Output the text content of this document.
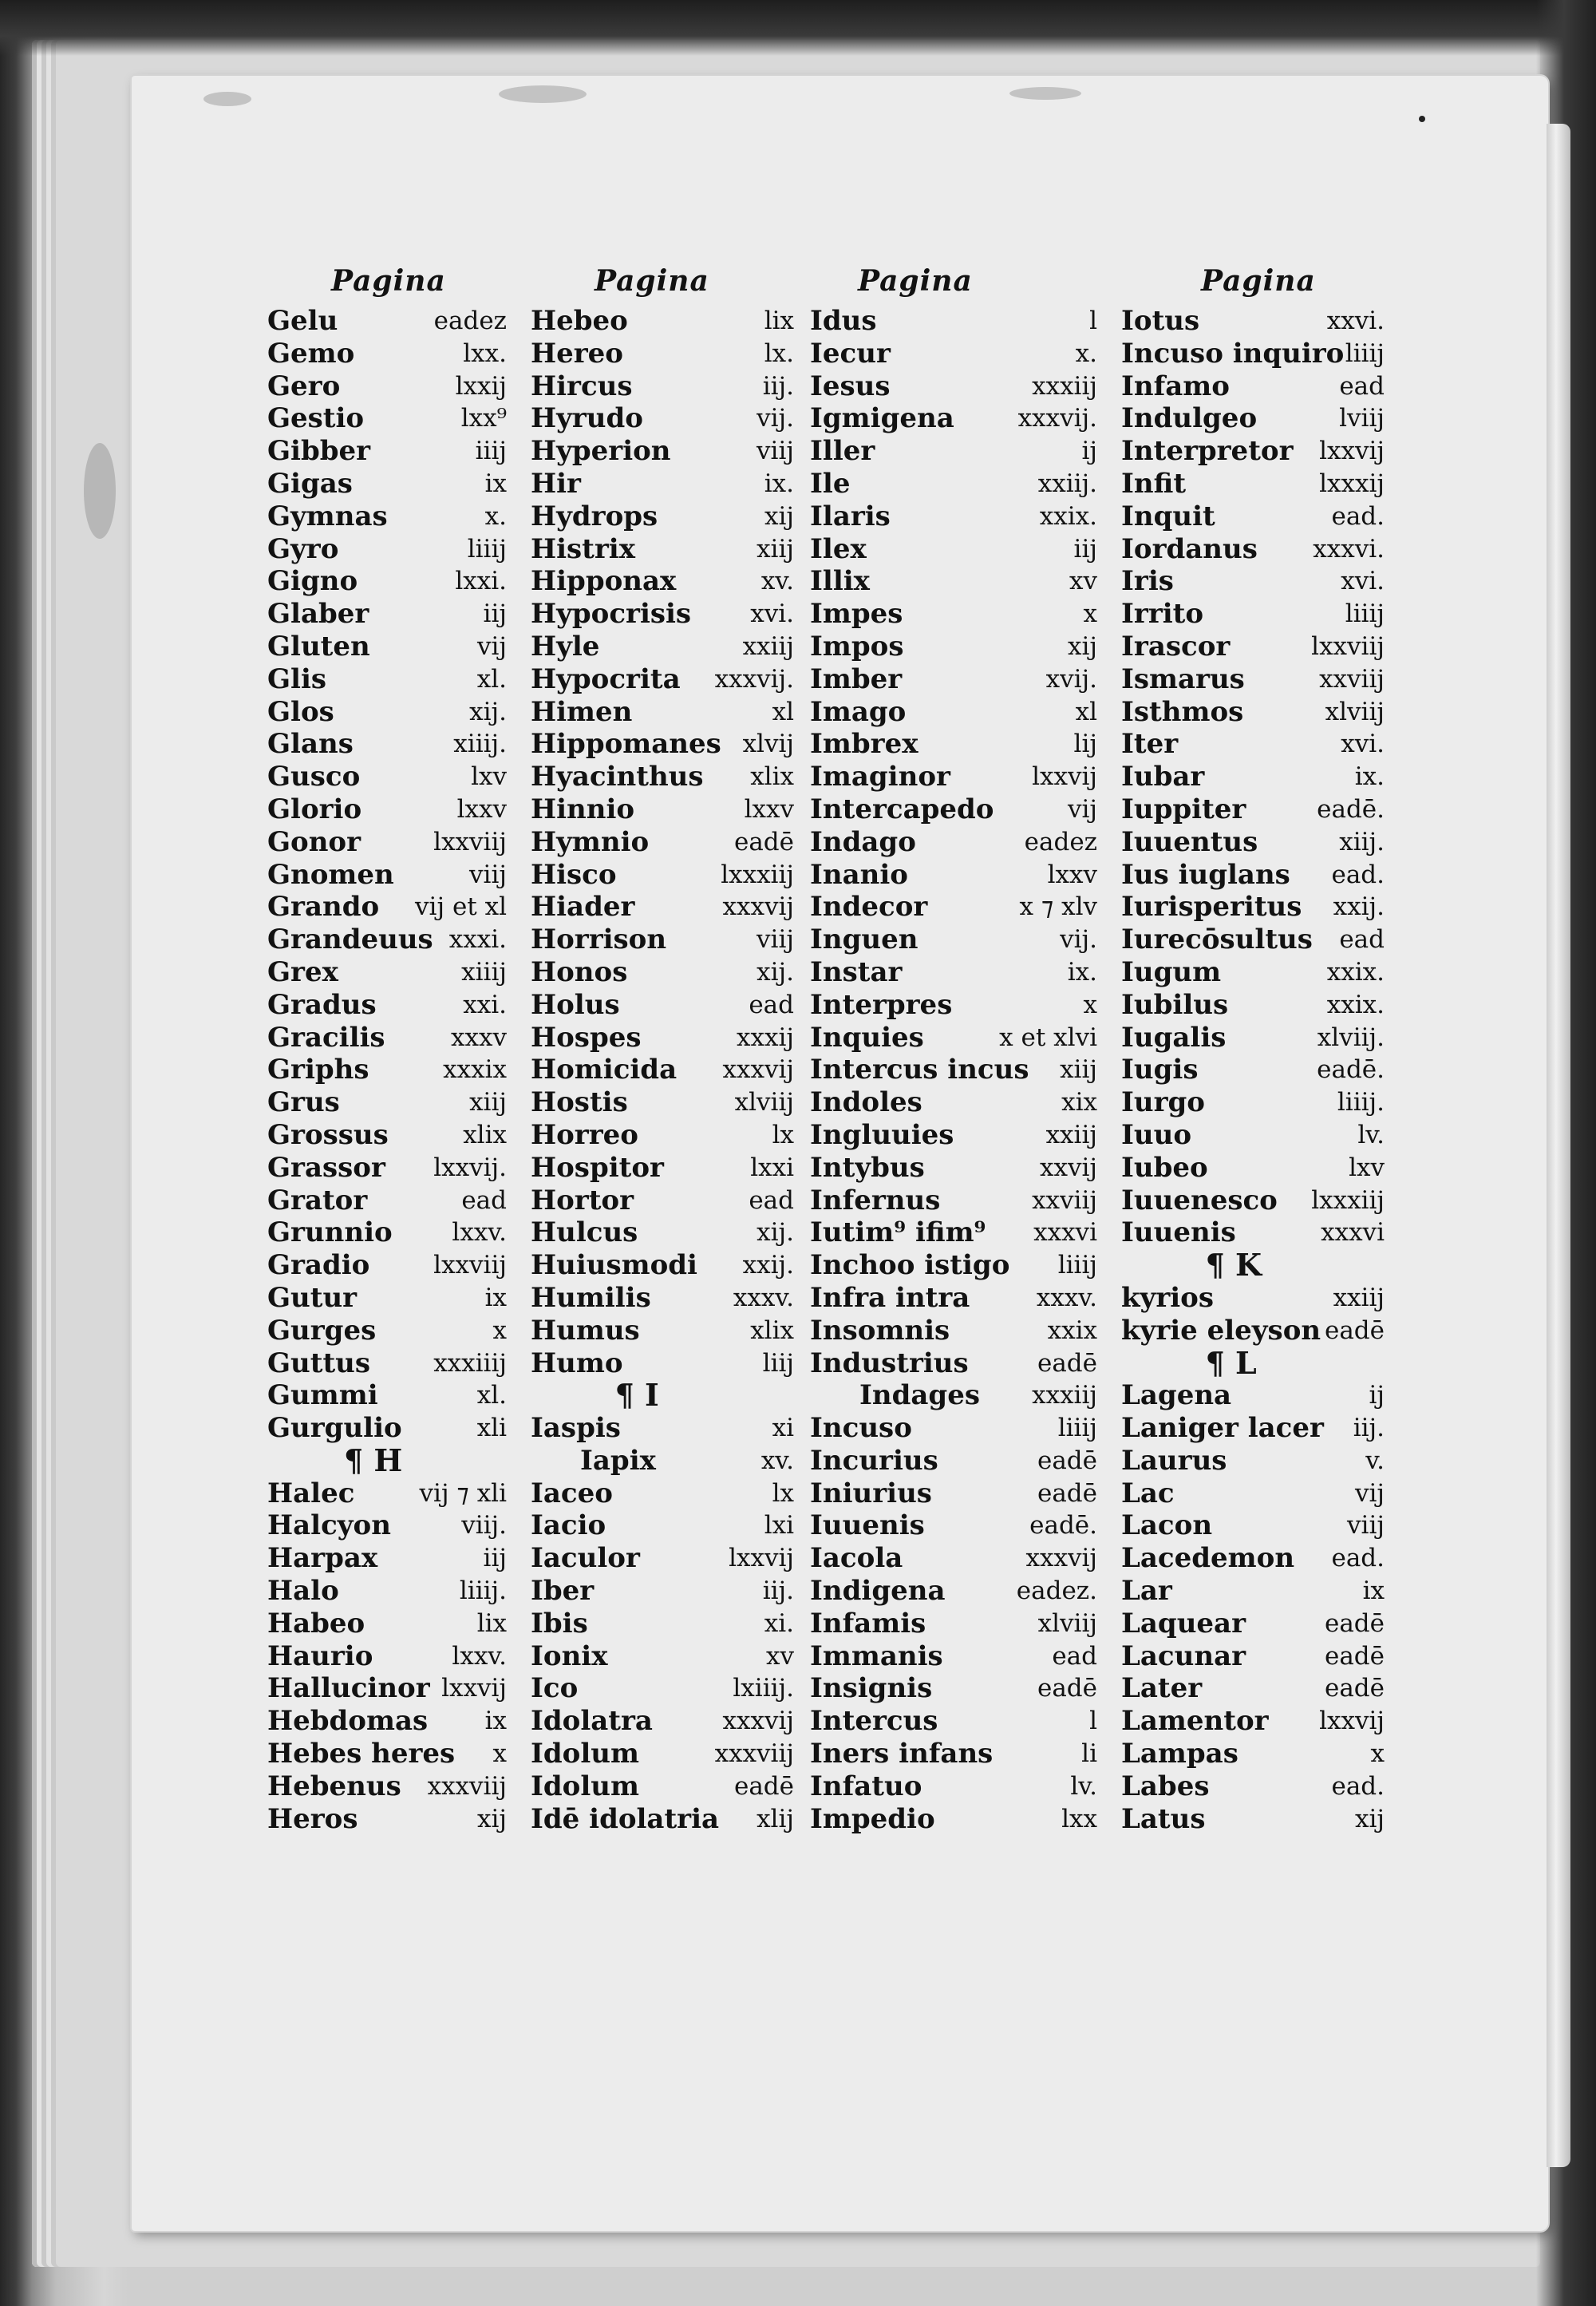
Pagina
Gelu	eadez
Gemo	lxx.
Gero	lxxij
Gestio	lxx⁹
Gibber	iiij
Gigas	ix
Gymnas	x.
Gyro	liiij
Gigno	lxxi.
Glaber	iij
Gluten	vij
Glis	xl.
Glos	xij.
Glans	xiiij.
Gusco	lxv
Glorio	lxxv
Gonor	lxxviij
Gnomen	viij
Grando vij et xl
Grandeuus xxxi.
Grex	xiiij
Gradus	xxi.
Gracilis	xxxv
Griphs	xxxix
Grus	xiij
Grossus	xlix
Grassor lxxvij.
Grator	ead
Grunnio lxxv.
Gradio	lxxviij
Gutur	ix
Gurges	x
Guttus	xxxiiij
Gummi	xl.
Gurgulio	xli
¶ H
Halec	vij ⁊ xli
Halcyon	viij.
Harpax	iij
Halo	liiij.
Habeo	lix
Haurio	lxxv.
Hallucinor lxxvij
Hebdomas ix
Hebes heres x
Hebenus xxxviij
Heros	xij
Pagina
Hebeo	lix
Hereo	lx.
Hircus	iij.
Hyrudo	vij.
Hyperion	viij
Hir	ix.
Hydrops	xij
Histrix	xiij
Hipponax	xv.
Hypocrisis xvi.
Hyle	xxiij
Hypocrita xxxvij.
Himen	xl
Hippomanes xlvij
Hyacinthus xlix
Hinnio	lxxv
Hymnio	eadē
Hisco	lxxxiij
Hiader	xxxvij
Horrison	viij
Honos	xij.
Holus	ead
Hospes	xxxij
Homicida xxxvij
Hostis	xlviij
Horreo	lx
Hospitor	lxxi
Hortor	ead
Hulcus	xij.
Huiusmodi xxij.
Humilis	xxxv.
Humus	xlix
Humo	liij
¶ I
Iaspis	xi
Iapix	xv.
Iaceo	lx
Iacio	lxi
Iaculor	lxxvij
Iber	iij.
Ibis	xi.
Ionix	xv
Ico	lxiiij.
Idolatra	xxxvij
Idolum	xxxviij
Idolum	eadē
Idē idolatria xlij
Pagina
Idus	l
Iecur	x.
Iesus	xxxiij
Igmigena	xxxvij.
Iller	ij
Ile	xxiij.
Ilaris	xxix.
Ilex	iij
Illix	xv
Impes	x
Impos	xij
Imber	xvij.
Imago	xl
Imbrex	lij
Imaginor	lxxvij
Intercapedo	vij
Indago	eadez
Inanio	lxxv
Indecor	x ⁊ xlv
Inguen	vij.
Instar	ix.
Interpres	x
Inquies	x et xlvi
Intercus incus xiij
Indoles	xix
Ingluuies	xxiij
Intybus	xxvij
Infernus	xxviij
Iutim⁹ ifim⁹ xxxvi
Inchoo istigo liiij
Infra intra	xxxv.
Insomnis	xxix
Industrius	eadē
Indages xxxiij
Incuso	liiij
Incurius	eadē
Iniurius	eadē
Iuuenis	eadē.
Iacola	xxxvij
Indigena	eadez.
Infamis	xlviij
Immanis	ead
Insignis	eadē
Intercus	l
Iners infans	li
Infatuo	lv.
Impedio	lxx
Pagina
Iotus	xxvi.
Incuso inquiro liiij
Infamo	ead
Indulgeo	lviij
Interpretor lxxvij
Infit	lxxxij
Inquit	ead.
Iordanus xxxvi.
Iris	xvi.
Irrito	liiij
Irascor	lxxviij
Ismarus	xxviij
Isthmos	xlviij
Iter	xvi.
Iubar	ix.
Iuppiter	eadē.
Iuuentus	xiij.
Ius iuglans ead.
Iurisperitus xxij.
Iurecōsultus ead
Iugum	xxix.
Iubilus	xxix.
Iugalis	xlviij.
Iugis	eadē.
Iurgo	liiij.
Iuuo	lv.
Iubeo	lxv
Iuuenesco lxxxiij
Iuuenis	xxxvi
¶ K
kyrios	xxiij
kyrie eleyson eadē
¶ L
Lagena	ij
Laniger lacer iij.
Laurus	v.
Lac	vij
Lacon	viij
Lacedemon ead.
Lar	ix
Laquear	eadē
Lacunar	eadē
Later	eadē
Lamentor lxxvij
Lampas	x
Labes	ead.
Latus	xij
